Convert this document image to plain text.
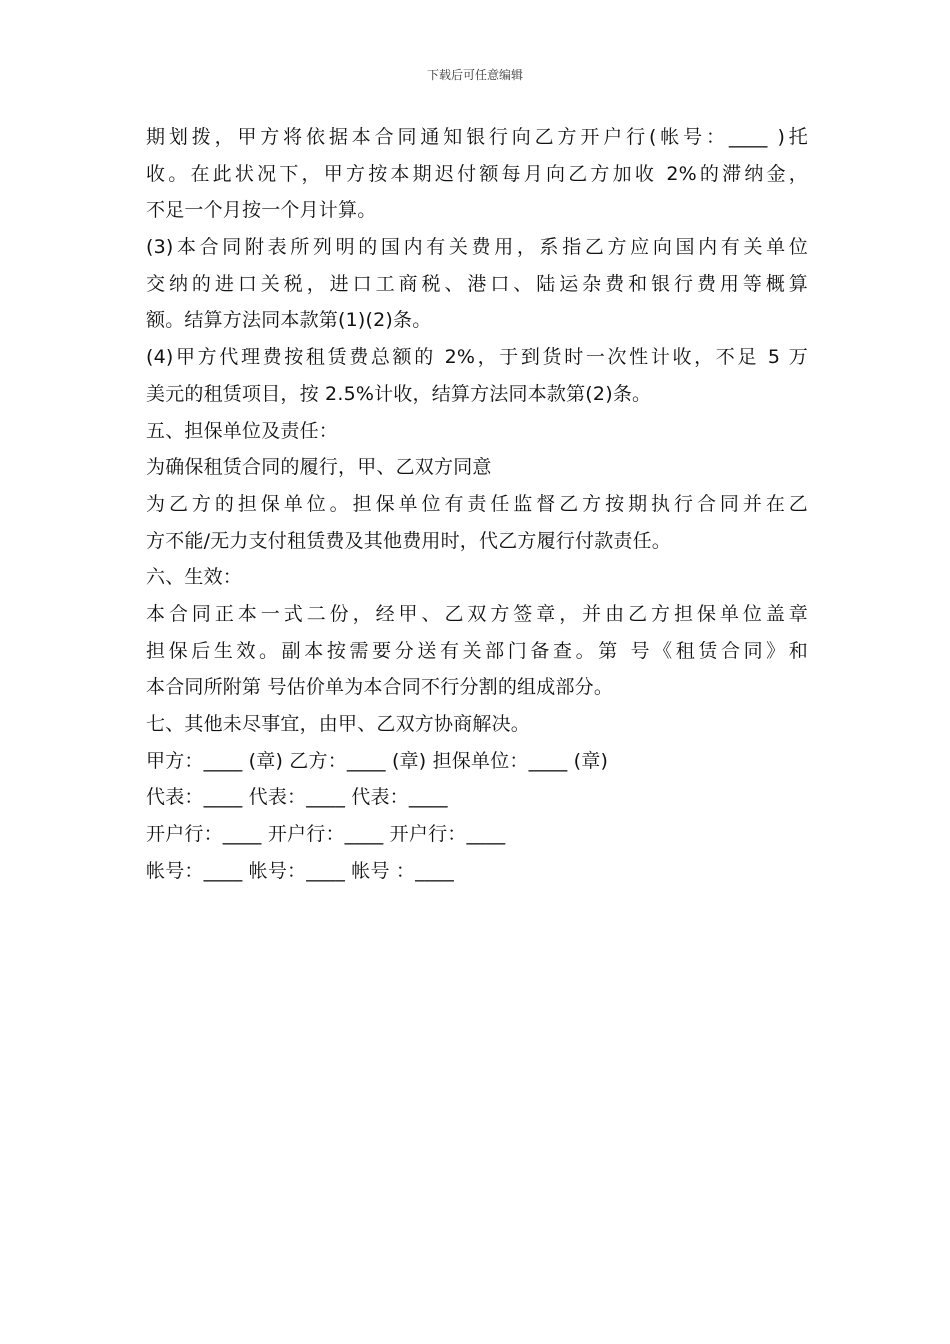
下载后可任意编辑
期划拨，甲方将依据本合同通知银行向乙方开户行(帐号：____ )托
收。在此状况下，甲方按本期迟付额每月向乙方加收 2%的滞纳金，
不足一个月按一个月计算。
(3)本合同附表所列明的国内有关费用，系指乙方应向国内有关单位
交纳的进口关税，进口工商税、港口、陆运杂费和银行费用等概算
额。结算方法同本款第(1)(2)条。
(4)甲方代理费按租赁费总额的 2%，于到货时一次性计收，不足 5 万
美元的租赁项目，按 2.5%计收，结算方法同本款第(2)条。
五、担保单位及责任：
为确保租赁合同的履行，甲、乙双方同意
为乙方的担保单位。担保单位有责任监督乙方按期执行合同并在乙
方不能/无力支付租赁费及其他费用时，代乙方履行付款责任。
六、生效：
本合同正本一式二份，经甲、乙双方签章，并由乙方担保单位盖章
担保后生效。副本按需要分送有关部门备查。第 号《租赁合同》和
本合同所附第 号估价单为本合同不行分割的组成部分。
七、其他未尽事宜，由甲、乙双方协商解决。
甲方：____ (章) 乙方：____ (章) 担保单位：____ (章)
代表：____ 代表：____ 代表：____
开户行：____ 开户行：____ 开户行：____
帐号：____ 帐号：____ 帐号 ：____
